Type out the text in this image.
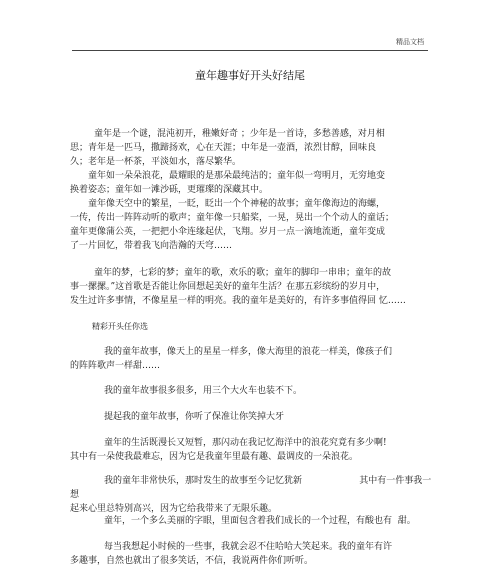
精品文档
童年趣事好开头好结尾

童年是一个谜，混沌初开，稚嫩好奇 ；少年是一首诗，多愁善感，对月相
思；青年是一匹马，撒蹄扬欢，心在天涯；中年是一壶酒，浓烈甘醇，回味良
久；老年是一杯茶，平淡如水，落尽繁华。

童年如一朵朵浪花，最耀眼的是那朵最纯洁的；童年似一弯明月，无穷地变
换着姿态；童年如一滩沙砾，更璀璨的深藏其中。

童年像天空中的繁星，一眨，眨出一个个神秘的故事；童年像海边的海螺，
一传，传出一阵阵动听的歌声；童年像一只船桨，一晃，晃出一个个动人的童话；
童年更像蒲公英，一把把小伞连缘起伏，飞翔。岁月一点一滴地流逝，童年变成
了一片回忆，带着我飞向浩瀚的天穹……

童年的梦，七彩的梦；童年的歌，欢乐的歌；童年的脚印一串串；童年的故
事一摞摞。”这首歌是否能让你回想起美好的童年生活？在那五彩缤纷的岁月中，
发生过许多事情，不像星星一样的明亮。我的童年是美好的，有许多事值得回 忆……

精彩开头任你选

我的童年故事，像天上的星星一样多，像大海里的浪花一样美，像孩子们
的阵阵歌声一样甜……

我的童年故事很多很多，用三个大火车也装不下。

提起我的童年故事，你听了保准让你笑掉大牙

童年的生活既漫长又短暂，那闪动在我记忆海洋中的浪花究竟有多少啊!
其中有一朵使我最难忘，因为它是我童年里最有趣、最调皮的一朵浪花。

我的童年非常快乐，那时发生的故事至今记忆犹新                    其中有一件事我一想
起来心里总特别高兴，因为它给我带来了无限乐趣。

童年，一个多么美丽的字眼，里面包含着我们成长的一个过程，有酸也有  甜。

每当我想起小时候的一些事，我就会忍不住哈哈大笑起来。我的童年有许
多趣事，自然也就出了很多笑话，不信，我说两件你们听听。
